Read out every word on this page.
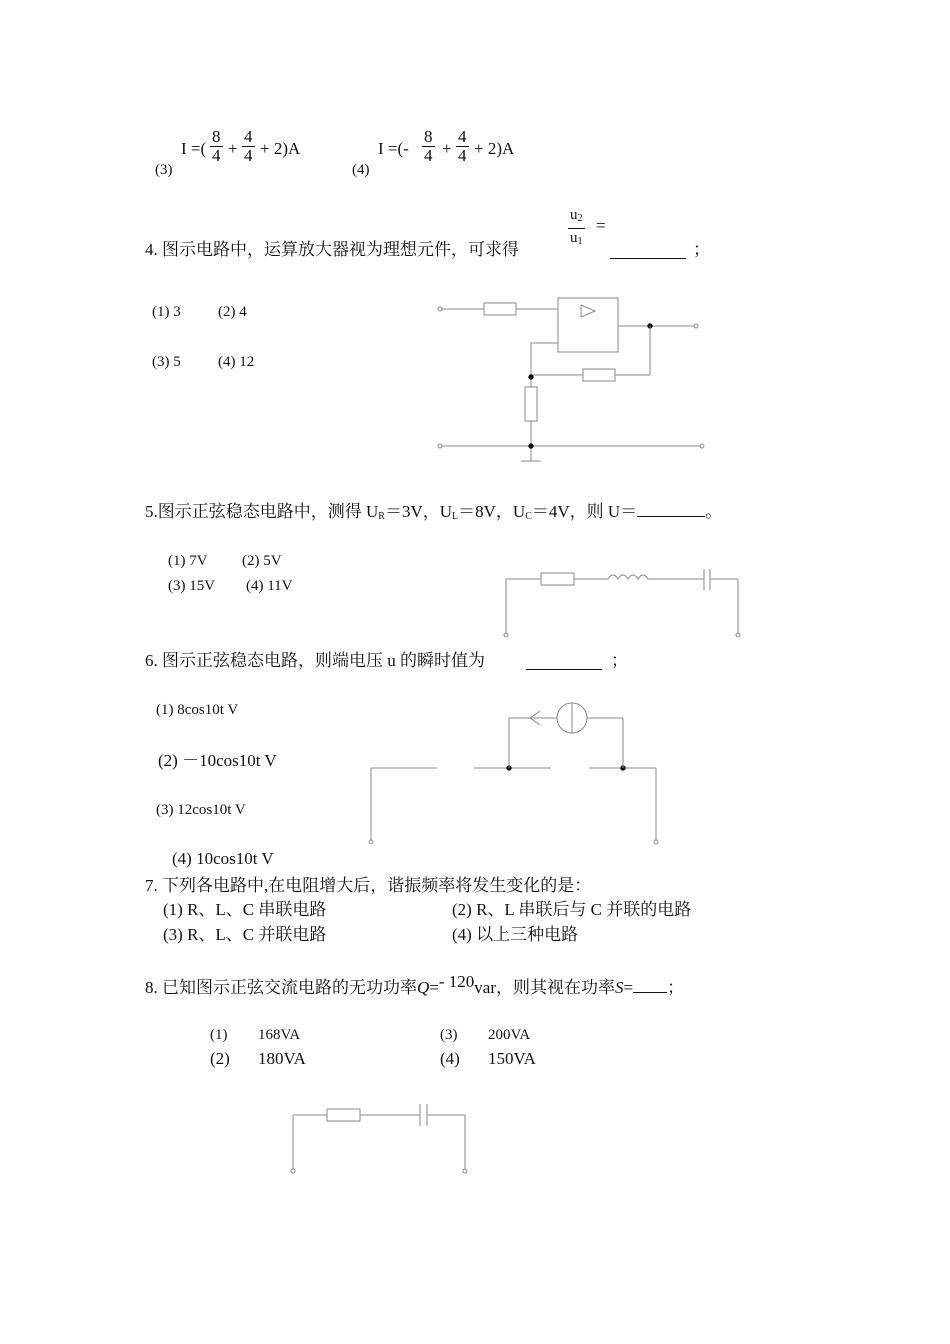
(3)
I =( $\frac{8}{4} + \frac{4}{4} + 2)A$
(4)
I =(- $\frac{8}{4} + \frac{4}{4} + 2)A$
4. 图示电路中，运算放大器视为理想元件，可求得	$\frac{u_2}{u_1}$ =
；
(1) 3 (2) 4
(3) 5 (4) 12
5.图示正弦稳态电路中，测得 $U_R=3V$，$U_L=8V$，$U_C=4V$，则 U＝	。
(1) 7V (2) 5V
(3) 15V (4) 11V
6. 图示正弦稳态电路，则端电压 u 的瞬时值为	；
(1) 8cos10t V
(2) －10cos10t V
(3) 12cos10t V
(4) 10cos10t V
7. 下列各电路中,在电阻增大后，谐振频率将发生变化的是：
(1) R、L、C 串联电路	(2) R、L 串联后与 C 并联的电路
(3) R、L、C 并联电路	(4) 以上三种电路
8. 已知图示正弦交流电路的无功功率Q=- 120var，则其视在功率S= ；
(1) 168VA
(2) 180VA
(3) 200VA
(4) 150VA
